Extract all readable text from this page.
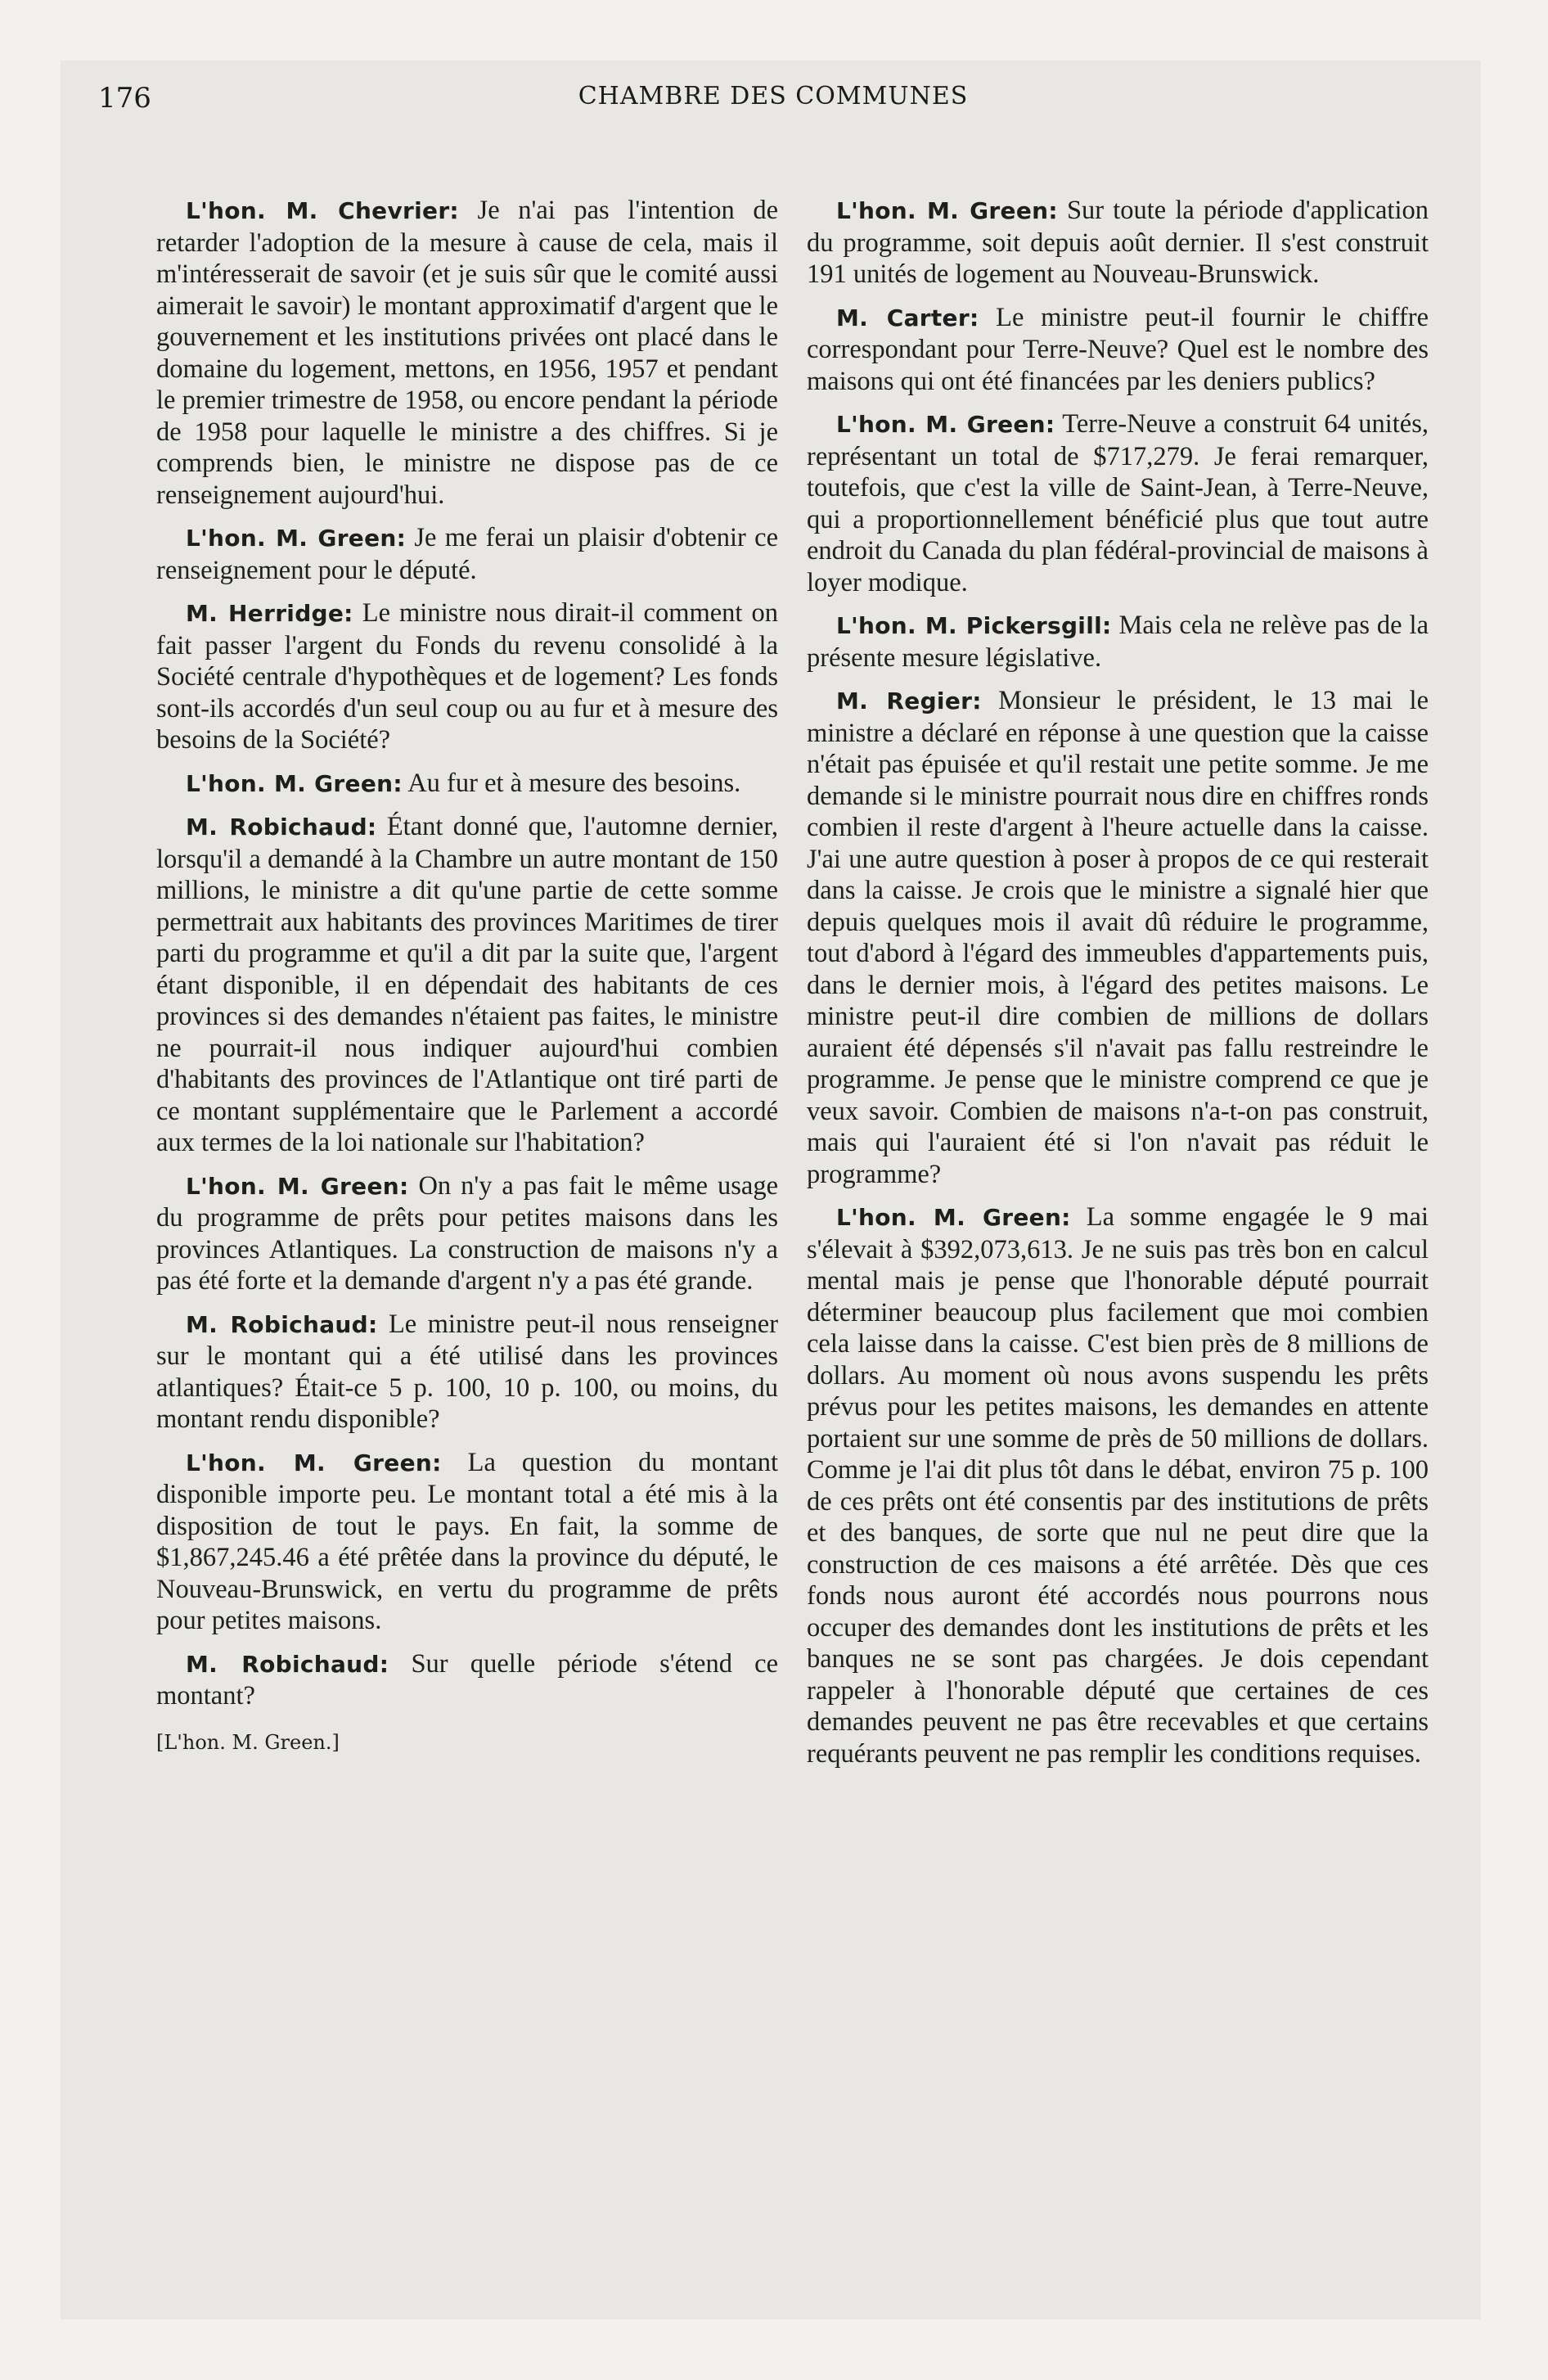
176	CHAMBRE DES COMMUNES

L'hon. M. Chevrier: Je n'ai pas l'intention de retarder l'adoption de la mesure à cause de cela, mais il m'intéresserait de savoir (et je suis sûr que le comité aussi aimerait le savoir) le montant approximatif d'argent que le gouvernement et les institutions privées ont placé dans le domaine du logement, mettons, en 1956, 1957 et pendant le premier trimestre de 1958, ou encore pendant la période de 1958 pour laquelle le ministre a des chiffres. Si je comprends bien, le ministre ne dispose pas de ce renseignement aujourd'hui.

L'hon. M. Green: Je me ferai un plaisir d'obtenir ce renseignement pour le député.

M. Herridge: Le ministre nous dirait-il comment on fait passer l'argent du Fonds du revenu consolidé à la Société centrale d'hypothèques et de logement? Les fonds sont-ils accordés d'un seul coup ou au fur et à mesure des besoins de la Société?

L'hon. M. Green: Au fur et à mesure des besoins.

M. Robichaud: Étant donné que, l'automne dernier, lorsqu'il a demandé à la Chambre un autre montant de 150 millions, le ministre a dit qu'une partie de cette somme permettrait aux habitants des provinces Maritimes de tirer parti du programme et qu'il a dit par la suite que, l'argent étant disponible, il en dépendait des habitants de ces provinces si des demandes n'étaient pas faites, le ministre ne pourrait-il nous indiquer aujourd'hui combien d'habitants des provinces de l'Atlantique ont tiré parti de ce montant supplémentaire que le Parlement a accordé aux termes de la loi nationale sur l'habitation?

L'hon. M. Green: On n'y a pas fait le même usage du programme de prêts pour petites maisons dans les provinces Atlantiques. La construction de maisons n'y a pas été forte et la demande d'argent n'y a pas été grande.

M. Robichaud: Le ministre peut-il nous renseigner sur le montant qui a été utilisé dans les provinces atlantiques? Était-ce 5 p. 100, 10 p. 100, ou moins, du montant rendu disponible?

L'hon. M. Green: La question du montant disponible importe peu. Le montant total a été mis à la disposition de tout le pays. En fait, la somme de $1,867,245.46 a été prêtée dans la province du député, le Nouveau-Brunswick, en vertu du programme de prêts pour petites maisons.

M. Robichaud: Sur quelle période s'étend ce montant?

[L'hon. M. Green.]

L'hon. M. Green: Sur toute la période d'application du programme, soit depuis août dernier. Il s'est construit 191 unités de logement au Nouveau-Brunswick.

M. Carter: Le ministre peut-il fournir le chiffre correspondant pour Terre-Neuve? Quel est le nombre des maisons qui ont été financées par les deniers publics?

L'hon. M. Green: Terre-Neuve a construit 64 unités, représentant un total de $717,279. Je ferai remarquer, toutefois, que c'est la ville de Saint-Jean, à Terre-Neuve, qui a proportionnellement bénéficié plus que tout autre endroit du Canada du plan fédéral-provincial de maisons à loyer modique.

L'hon. M. Pickersgill: Mais cela ne relève pas de la présente mesure législative.

M. Regier: Monsieur le président, le 13 mai le ministre a déclaré en réponse à une question que la caisse n'était pas épuisée et qu'il restait une petite somme. Je me demande si le ministre pourrait nous dire en chiffres ronds combien il reste d'argent à l'heure actuelle dans la caisse. J'ai une autre question à poser à propos de ce qui resterait dans la caisse. Je crois que le ministre a signalé hier que depuis quelques mois il avait dû réduire le programme, tout d'abord à l'égard des immeubles d'appartements puis, dans le dernier mois, à l'égard des petites maisons. Le ministre peut-il dire combien de millions de dollars auraient été dépensés s'il n'avait pas fallu restreindre le programme. Je pense que le ministre comprend ce que je veux savoir. Combien de maisons n'a-t-on pas construit, mais qui l'auraient été si l'on n'avait pas réduit le programme?

L'hon. M. Green: La somme engagée le 9 mai s'élevait à $392,073,613. Je ne suis pas très bon en calcul mental mais je pense que l'honorable député pourrait déterminer beaucoup plus facilement que moi combien cela laisse dans la caisse. C'est bien près de 8 millions de dollars. Au moment où nous avons suspendu les prêts prévus pour les petites maisons, les demandes en attente portaient sur une somme de près de 50 millions de dollars. Comme je l'ai dit plus tôt dans le débat, environ 75 p. 100 de ces prêts ont été consentis par des institutions de prêts et des banques, de sorte que nul ne peut dire que la construction de ces maisons a été arrêtée. Dès que ces fonds nous auront été accordés nous pourrons nous occuper des demandes dont les institutions de prêts et les banques ne se sont pas chargées. Je dois cependant rappeler à l'honorable député que certaines de ces demandes peuvent ne pas être recevables et que certains requérants peuvent ne pas remplir les conditions requises.
